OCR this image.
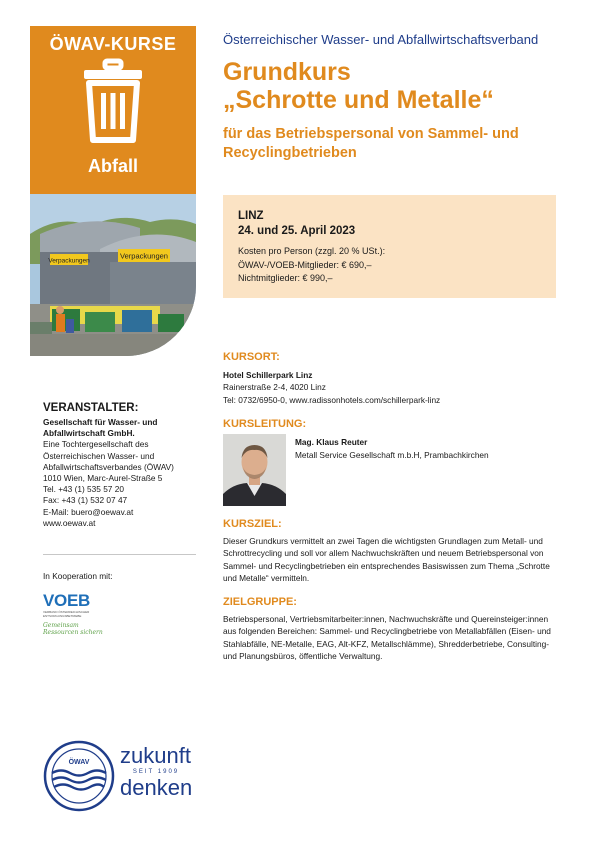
ÖWAV-KURSE
Abfall
Verpackungen
Verpackungen
Österreichischer Wasser- und Abfallwirtschaftsverband
Grundkurs
„Schrotte und Metalle“
für das Betriebspersonal von Sammel- und Recyclingbetrieben
LINZ
24. und 25. April 2023
Kosten pro Person (zzgl. 20 % USt.):
ÖWAV-/VOEB-Mitglieder: € 690,–
Nichtmitglieder: € 990,–
KURSORT:
Hotel Schillerpark Linz
Rainerstraße 2-4, 4020 Linz
Tel: 0732/6950-0, www.radissonhotels.com/schillerpark-linz
KURSLEITUNG:
Mag. Klaus Reuter
Metall Service Gesellschaft m.b.H, Prambachkirchen
KURSZIEL:
Dieser Grundkurs vermittelt an zwei Tagen die wichtigsten Grundlagen zum Metall- und Schrottrecycling und soll vor allem Nachwuchskräften und neuem Betriebspersonal von Sammel- und Recyclingbetrieben ein entsprechendes Basiswissen zum Thema „Schrotte und Metalle“ vermitteln.
ZIELGRUPPE:
Betriebspersonal, Vertriebsmitarbeiter:innen, Nachwuchskräfte und Quereinsteiger:innen aus folgenden Bereichen: Sammel- und Recyclingbetriebe von Metallabfällen (Eisen- und Stahlabfälle, NE-Metalle, EAG, Alt-KFZ, Metallschlämme), Shredderbetriebe, Consulting- und Planungsbüros, öffentliche Verwaltung.
VERANSTALTER:

Gesellschaft für Wasser- und

Abfallwirtschaft GmbH.

Eine Tochtergesellschaft des

Österreichischen Wasser- und

Abfallwirtschaftsverbandes (ÖWAV)

1010 Wien, Marc-Aurel-Straße 5

Tel. +43 (1) 535 57 20

Fax: +43 (1) 532 07 47

E-Mail: buero@oewav.at

www.oewav.at

In Kooperation mit:
VOEB
VERBAND ÖSTERREICHISCHER ENTSORGUNGSBETRIEBE
Gemeinsam
Ressourcen sichern
ÖWAV zukunft
SEIT 1909
denken
